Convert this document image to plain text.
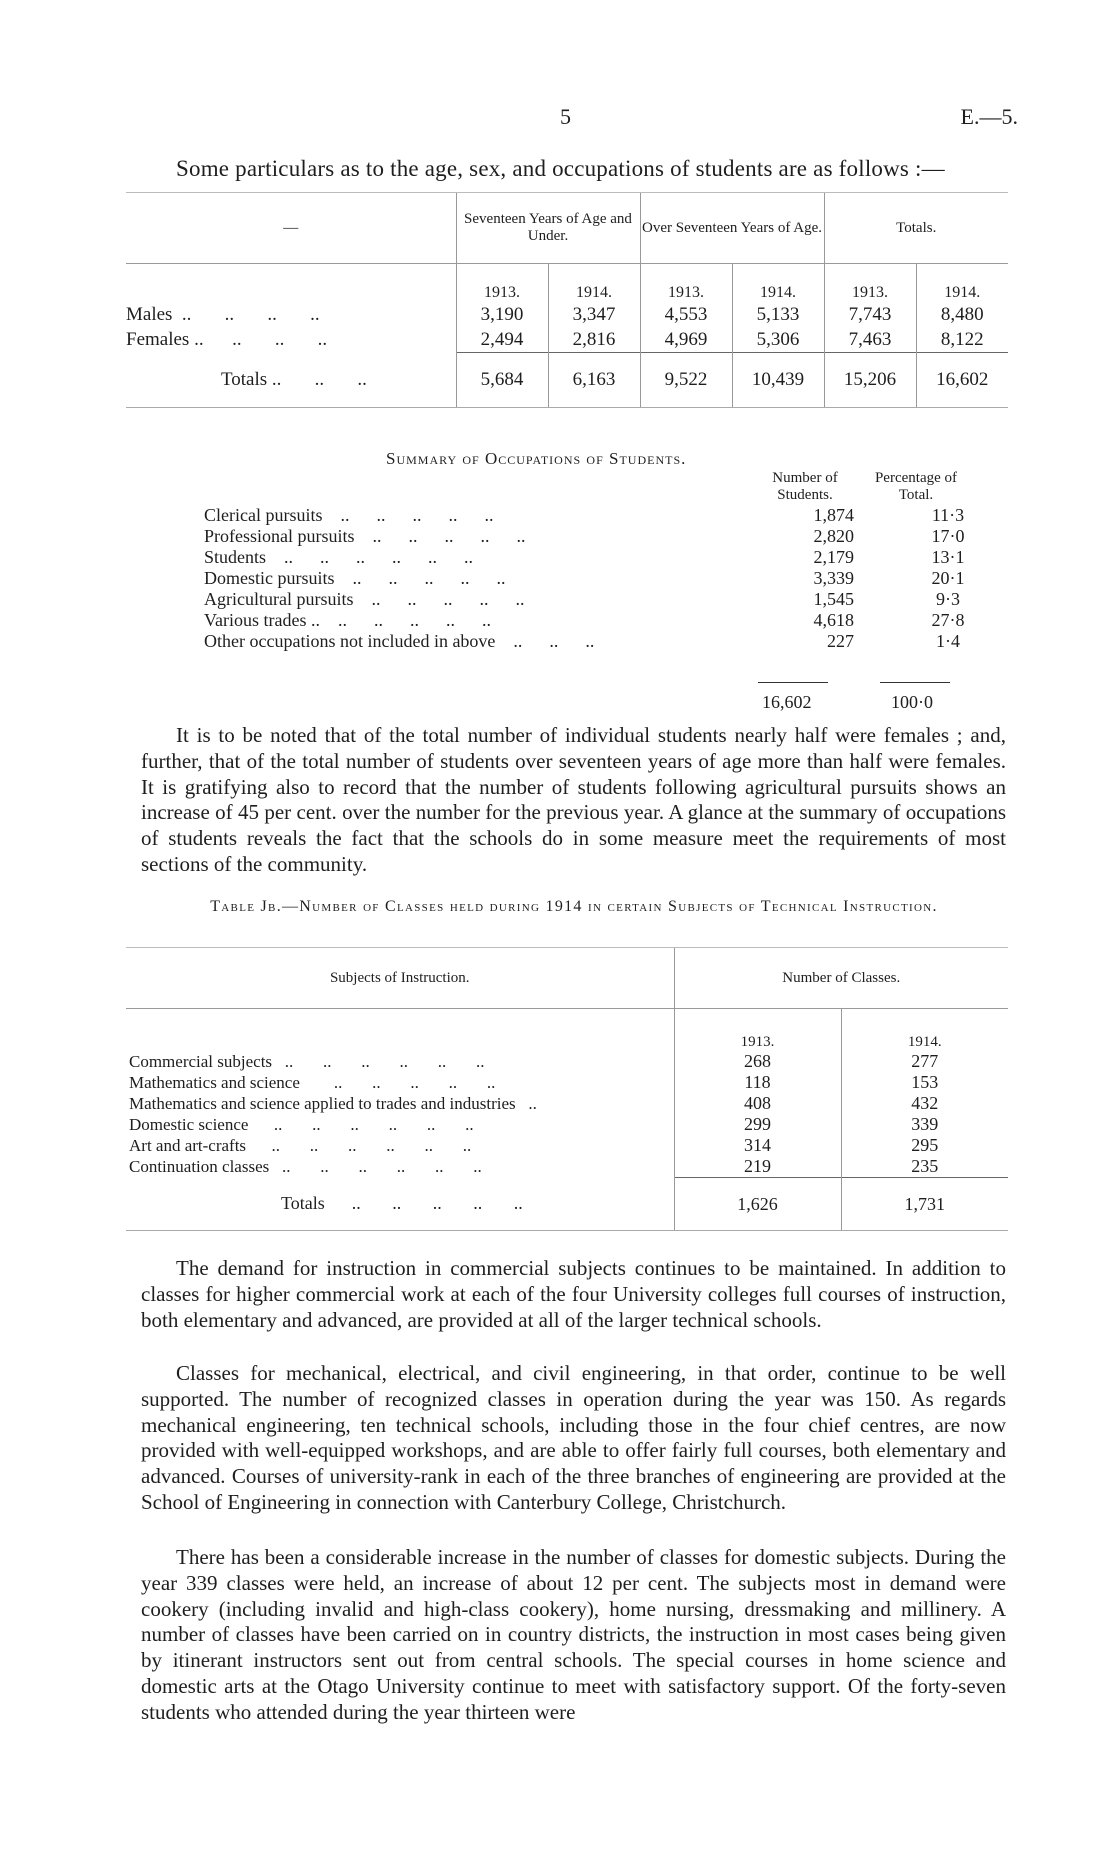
5	E.—5.
Some particulars as to the age, sex, and occupations of students are as follows :—
—	Seventeen Years of Age and Under.		Over Seventeen Years of Age.		Totals.	
	1913.	1914.	1913.	1914.	1913.	1914.
Males  ..       ..       ..       ..	3,190	3,347	4,553	5,133	7,743	8,480
Females ..      ..       ..       ..	2,494	2,816	4,969	5,306	7,463	8,122
Totals ..       ..       ..	5,684	6,163	9,522	10,439	15,206	16,602
Summary of Occupations of Students.
Number of Students.
Percentage of Total.
Clerical pursuits ..      ..      ..      ..      ..	1,874	11·3
Professional pursuits ..      ..      ..      ..      ..	2,820	17·0
Students ..      ..      ..      ..      ..      ..	2,179	13·1
Domestic pursuits ..      ..      ..      ..      ..	3,339	20·1
Agricultural pursuits ..      ..      ..      ..      ..	1,545	9·3
Various trades .. ..      ..      ..      ..      ..	4,618	27·8
Other occupations not included in above ..      ..      ..	227	1·4
16,602	100·0

It is to be noted that of the total number of individual students nearly half were females ; and, further, that of the total number of students over seventeen years of age more than half were females. It is gratifying also to record that the number of students following agricultural pursuits shows an increase of 45 per cent. over the number for the previous year. A glance at the summary of occupations of students reveals the fact that the schools do in some measure meet the requirements of most sections of the community.

Table Jb.—Number of Classes held during 1914 in certain Subjects of Technical Instruction.
Subjects of Instruction.	Number of Classes.	
	1913.	1914.
Commercial subjects   ..       ..       ..       ..       ..       ..	268	277
Mathematics and science        ..       ..       ..       ..       ..	118	153
Mathematics and science applied to trades and industries   ..	408	432
Domestic science      ..       ..       ..       ..       ..       ..	299	339
Art and art-crafts      ..       ..       ..       ..       ..       ..	314	295
Continuation classes   ..       ..       ..       ..       ..       ..	219	235
Totals      ..       ..       ..       ..       ..	1,626	1,731

The demand for instruction in commercial subjects continues to be maintained. In addition to classes for higher commercial work at each of the four University colleges full courses of instruction, both elementary and advanced, are provided at all of the larger technical schools.

Classes for mechanical, electrical, and civil engineering, in that order, continue to be well supported. The number of recognized classes in operation during the year was 150. As regards mechanical engineering, ten technical schools, including those in the four chief centres, are now provided with well-equipped workshops, and are able to offer fairly full courses, both elementary and advanced. Courses of university-rank in each of the three branches of engineering are provided at the School of Engineering in connection with Canterbury College, Christchurch.

There has been a considerable increase in the number of classes for domestic subjects. During the year 339 classes were held, an increase of about 12 per cent. The subjects most in demand were cookery (including invalid and high-class cookery), home nursing, dressmaking and millinery. A number of classes have been carried on in country districts, the instruction in most cases being given by itinerant instructors sent out from central schools. The special courses in home science and domestic arts at the Otago University continue to meet with satisfactory support. Of the forty-seven students who attended during the year thirteen were
